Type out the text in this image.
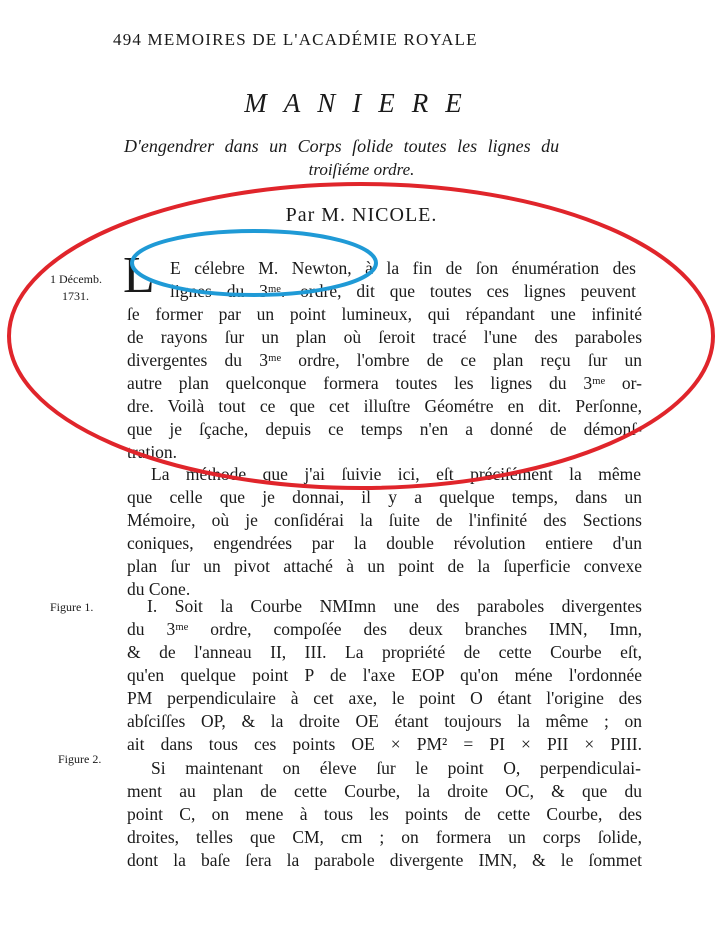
494 MEMOIRES DE L'ACADÉMIE ROYALE
MANIERE
D'engendrer dans un Corps ſolide toutes les lignes du
troiſiéme ordre.
Par M. NICOLE.
1 Décemb.
1731.
Figure 1.
Figure 2.
L E célebre M. Newton, à la fin de ſon énumération des
lignes du 3ᵐᵉ. ordre, dit que toutes ces lignes peuvent
ſe former par un point lumineux, qui répandant une infinité
de rayons ſur un plan où ſeroit tracé l'une des paraboles
divergentes du 3ᵐᵉ ordre, l'ombre de ce plan reçu ſur un
autre plan quelconque formera toutes les lignes du 3ᵐᵉ or-
dre. Voilà tout ce que cet illuſtre Géométre en dit. Perſonne,
que je ſçache, depuis ce temps n'en a donné de démonſ-
tration.
La méthode que j'ai ſuivie ici, eſt préciſément la même
que celle que je donnai, il y a quelque temps, dans un
Mémoire, où je conſidérai la ſuite de l'infinité des Sections
coniques, engendrées par la double révolution entiere d'un
plan ſur un pivot attaché à un point de la ſuperficie convexe
du Cone.
I. Soit la Courbe NMImn une des paraboles divergentes
du 3ᵐᵉ ordre, compoſée des deux branches IMN, Imn,
& de l'anneau II, III. La propriété de cette Courbe eſt,
qu'en quelque point P de l'axe EOP qu'on méne l'ordonnée
PM perpendiculaire à cet axe, le point O étant l'origine des
abſciſſes OP, & la droite OE étant toujours la même ; on
ait dans tous ces points OE × PM² = PI × PII × PIII.
Si maintenant on éleve ſur le point O, perpendiculai-
ment au plan de cette Courbe, la droite OC, & que du
point C, on mene à tous les points de cette Courbe, des
droites, telles que CM, cm ; on formera un corps ſolide,
dont la baſe ſera la parabole divergente IMN, & le ſommet
